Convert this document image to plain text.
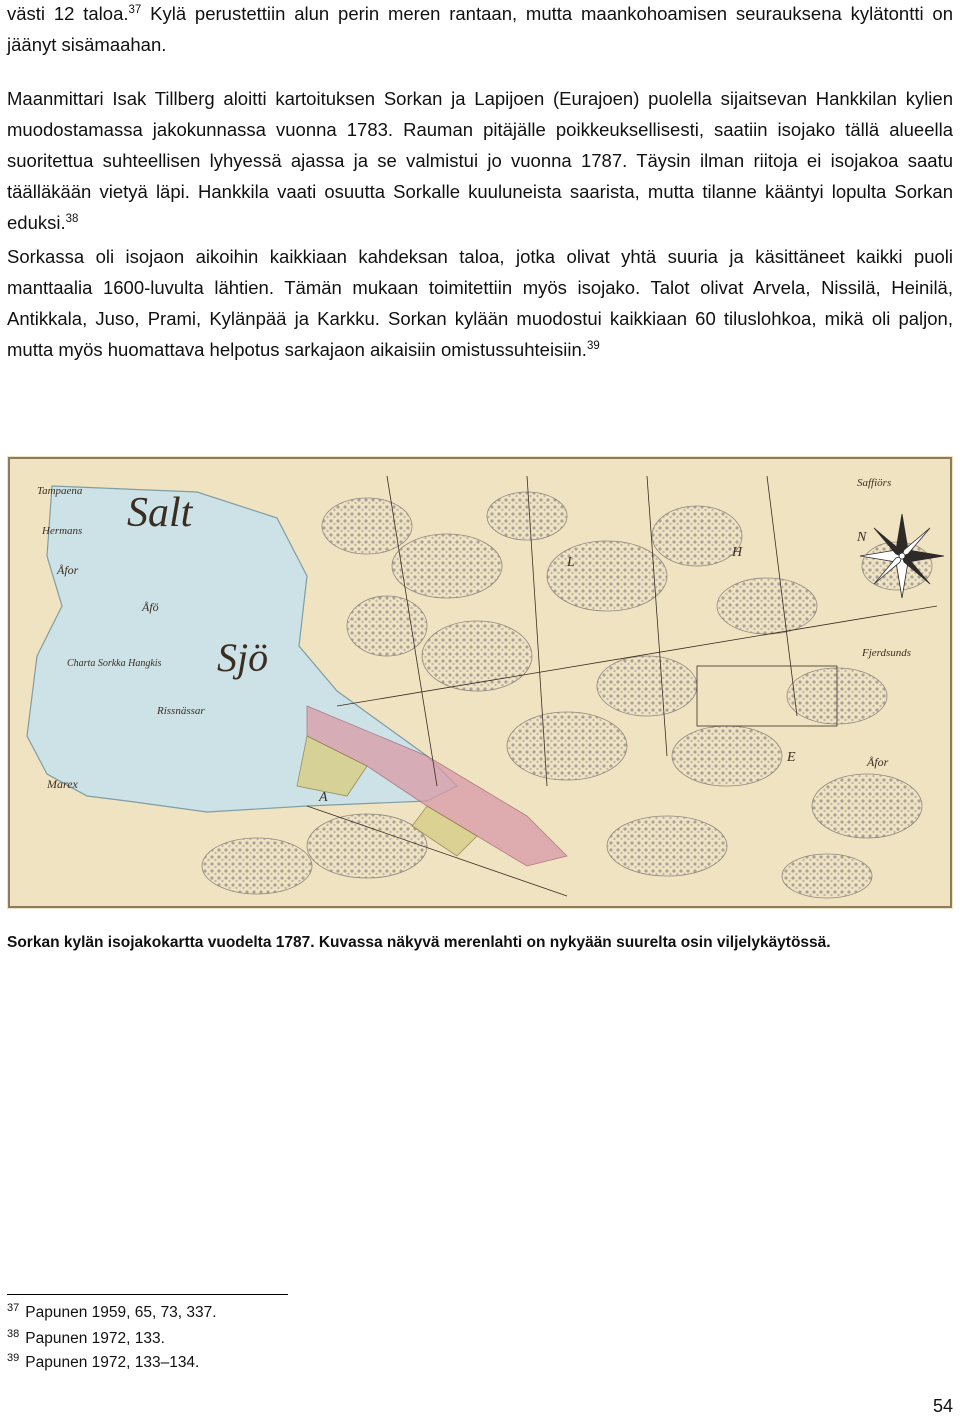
västi 12 taloa.$^{37}$ Kylä perustettiin alun perin meren rantaan, mutta maankohoamisen seurauksena kylätontti on jäänyt sisämaahan.

Maanmittari Isak Tillberg aloitti kartoituksen Sorkan ja Lapijoen (Eurajoen) puolella sijaitsevan Hankkilan kylien muodostamassa jakokunnassa vuonna 1783. Rauman pitäjälle poikkeuksellisesti, saatiin isojako tällä alueella suoritettua suhteellisen lyhyessä ajassa ja se valmistui jo vuonna 1787. Täysin ilman riitoja ei isojakoa saatu täälläkään vietyä läpi. Hankkila vaati osuutta Sorkalle kuuluneista saarista, mutta tilanne kääntyi lopulta Sorkan eduksi.$^{38}$

Sorkassa oli isojaon aikoihin kaikkiaan kahdeksan taloa, jotka olivat yhtä suuria ja käsittäneet kaikki puoli manttaalia 1600-luvulta lähtien. Tämän mukaan toimitettiin myös isojako. Talot olivat Arvela, Nissilä, Heinilä, Antikkala, Juso, Prami, Kylänpää ja Karkku. Sorkan kylään muodostui kaikkiaan 60 tiluslohkoa, mikä oli paljon, mutta myös huomattava helpotus sarkajaon aikaisiin omistussuhteisiin.$^{39}$

Salt
Sjö
Tampaena
Hermans
Åfor
Åfö
Charta Sorkka Hangkis
Rissnässar
Marex
Saffiörs
Fjerdsunds
Åfor
L
H
N
A
E

Sorkan kylän isojakokartta vuodelta 1787. Kuvassa näkyvä merenlahti on nykyään suurelta osin viljelykäytössä.

$^{37}$ Papunen 1959, 65, 73, 337.

$^{38}$ Papunen 1972, 133.

$^{39}$ Papunen 1972, 133–134.

54
